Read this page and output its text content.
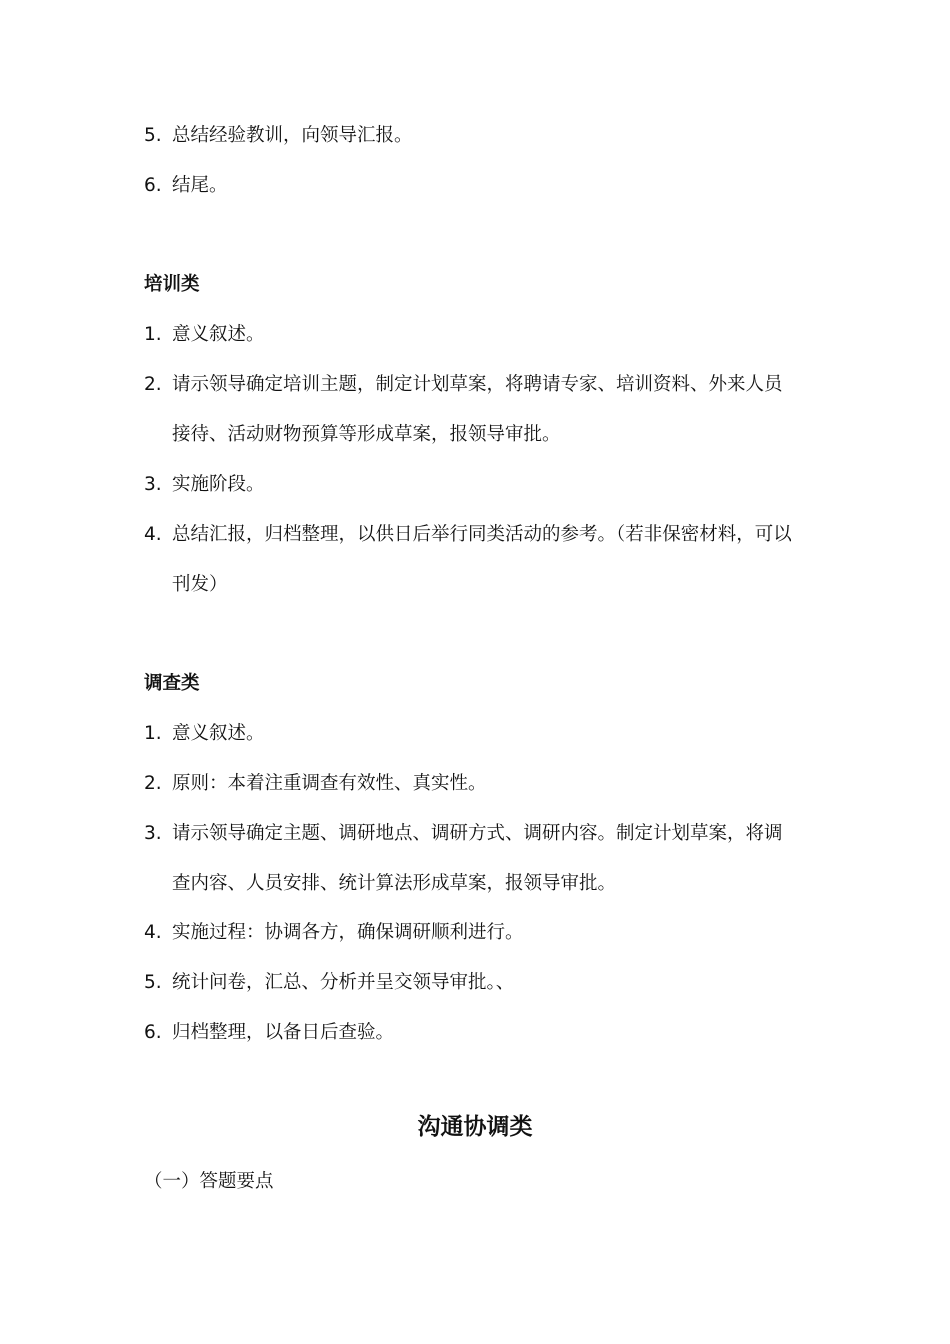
5. 总结经验教训，向领导汇报。
6. 结尾。
培训类
1. 意义叙述。
2. 请示领导确定培训主题，制定计划草案，将聘请专家、培训资料、外来人员
接待、活动财物预算等形成草案，报领导审批。
3. 实施阶段。
4. 总结汇报，归档整理，以供日后举行同类活动的参考。（若非保密材料，可以
刊发）
调查类
1. 意义叙述。
2. 原则：本着注重调查有效性、真实性。
3. 请示领导确定主题、调研地点、调研方式、调研内容。制定计划草案，将调
查内容、人员安排、统计算法形成草案，报领导审批。
4. 实施过程：协调各方，确保调研顺利进行。
5. 统计问卷，汇总、分析并呈交领导审批。、
6. 归档整理，以备日后查验。
沟通协调类
（一）答题要点
